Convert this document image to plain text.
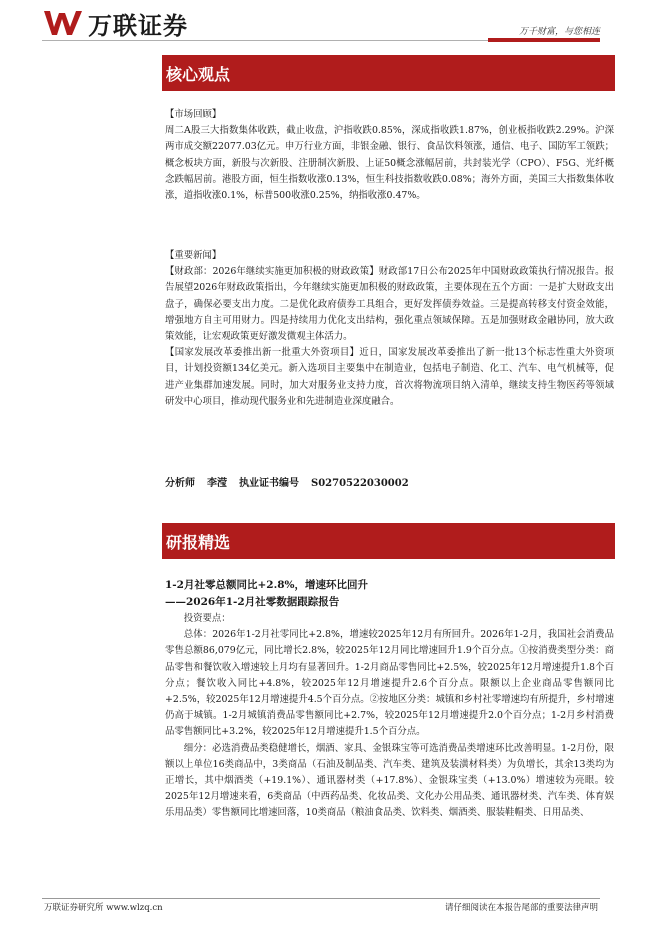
万联证券	万千财富，与您相连
核心观点

【市场回顾】

周二A股三大指数集体收跌，截止收盘，沪指收跌0.85%，深成指收跌1.87%，创业板指收跌2.29%。沪深两市成交额22077.03亿元。申万行业方面，非银金融、银行、食品饮料领涨，通信、电子、国防军工领跌；概念板块方面，新股与次新股、注册制次新股、上证50概念涨幅居前，共封装光学（CPO）、F5G、光纤概念跌幅居前。港股方面，恒生指数收涨0.13%，恒生科技指数收跌0.08%；海外方面，美国三大指数集体收涨，道指收涨0.1%，标普500收涨0.25%，纳指收涨0.47%。

【重要新闻】

【财政部：2026年继续实施更加积极的财政政策】财政部17日公布2025年中国财政政策执行情况报告。报告展望2026年财政政策指出，今年继续实施更加积极的财政政策，主要体现在五个方面：一是扩大财政支出盘子，确保必要支出力度。二是优化政府债券工具组合，更好发挥债券效益。三是提高转移支付资金效能，增强地方自主可用财力。四是持续用力优化支出结构，强化重点领域保障。五是加强财政金融协同，放大政策效能，让宏观政策更好激发微观主体活力。

【国家发展改革委推出新一批重大外资项目】近日，国家发展改革委推出了新一批13个标志性重大外资项目，计划投资额134亿美元。新入选项目主要集中在制造业，包括电子制造、化工、汽车、电气机械等，促进产业集群加速发展。同时，加大对服务业支持力度，首次将物流项目纳入清单，继续支持生物医药等领域研发中心项目，推动现代服务业和先进制造业深度融合。

分析师 李滢 执业证书编号 S0270522030002
研报精选
1-2月社零总额同比+2.8%，增速环比回升
——2026年1-2月社零数据跟踪报告

投资要点：

总体：2026年1-2月社零同比+2.8%，增速较2025年12月有所回升。2026年1-2月，我国社会消费品零售总额86,079亿元，同比增长2.8%，较2025年12月同比增速回升1.9个百分点。①按消费类型分类：商品零售和餐饮收入增速较上月均有显著回升。1-2月商品零售同比+2.5%，较2025年12月增速提升1.8个百分点；餐饮收入同比+4.8%，较2025年12月增速提升2.6个百分点。限额以上企业商品零售额同比+2.5%，较2025年12月增速提升4.5个百分点。②按地区分类：城镇和乡村社零增速均有所提升，乡村增速仍高于城镇。1-2月城镇消费品零售额同比+2.7%，较2025年12月增速提升2.0个百分点；1-2月乡村消费品零售额同比+3.2%，较2025年12月增速提升1.5个百分点。

细分：必选消费品类稳健增长，烟酒、家具、金银珠宝等可选消费品类增速环比改善明显。1-2月份，限额以上单位16类商品中，3类商品（石油及制品类、汽车类、建筑及装潢材料类）为负增长，其余13类均为正增长，其中烟酒类（+19.1%）、通讯器材类（+17.8%）、金银珠宝类（+13.0%）增速较为亮眼。较2025年12月增速来看，6类商品（中西药品类、化妆品类、文化办公用品类、通讯器材类、汽车类、体育娱乐用品类）零售额同比增速回落，10类商品（粮油食品类、饮料类、烟酒类、服装鞋帽类、日用品类、

万联证券研究所 www.wlzq.cn	请仔细阅读在本报告尾部的重要法律声明
